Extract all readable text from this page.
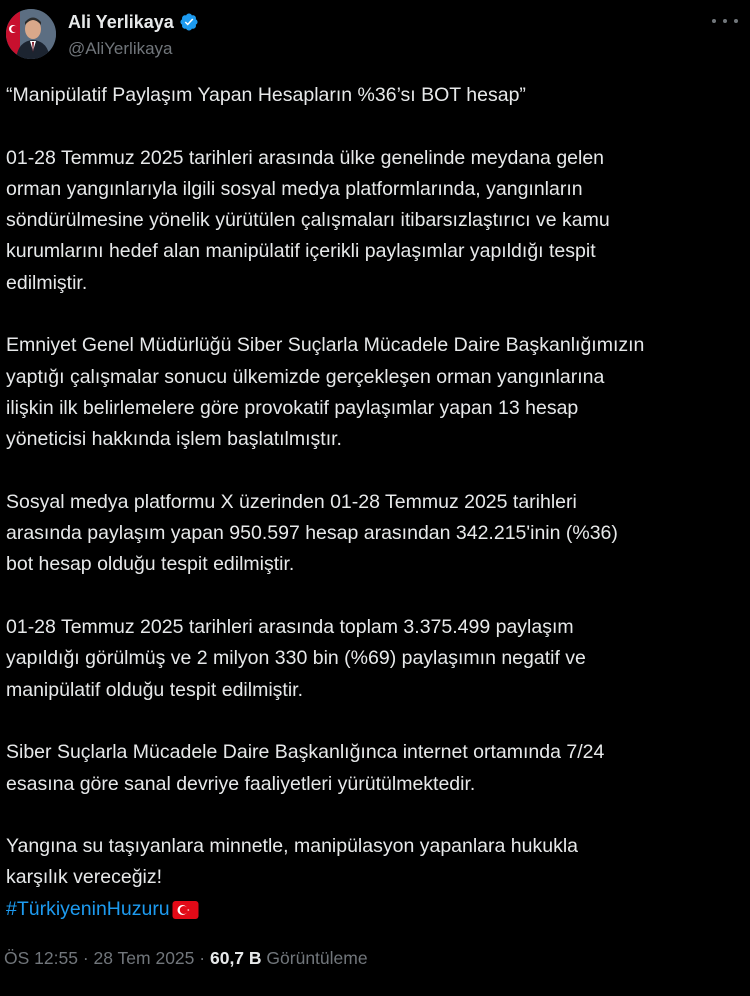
Ali Yerlikaya
@AliYerlikaya

“Manipülatif Paylaşım Yapan Hesapların %36’sı BOT hesap”

01-28 Temmuz 2025 tarihleri arasında ülke genelinde meydana gelen
orman yangınlarıyla ilgili sosyal medya platformlarında, yangınların
söndürülmesine yönelik yürütülen çalışmaları itibarsızlaştırıcı ve kamu
kurumlarını hedef alan manipülatif içerikli paylaşımlar yapıldığı tespit
edilmiştir.

Emniyet Genel Müdürlüğü Siber Suçlarla Mücadele Daire Başkanlığımızın
yaptığı çalışmalar sonucu ülkemizde gerçekleşen orman yangınlarına
ilişkin ilk belirlemelere göre provokatif paylaşımlar yapan 13 hesap
yöneticisi hakkında işlem başlatılmıştır.

Sosyal medya platformu X üzerinden 01-28 Temmuz 2025 tarihleri
arasında paylaşım yapan 950.597 hesap arasından 342.215'inin (%36)
bot hesap olduğu tespit edilmiştir.

01-28 Temmuz 2025 tarihleri arasında toplam 3.375.499 paylaşım
yapıldığı görülmüş ve 2 milyon 330 bin (%69) paylaşımın negatif ve
manipülatif olduğu tespit edilmiştir.

Siber Suçlarla Mücadele Daire Başkanlığınca internet ortamında 7/24
esasına göre sanal devriye faaliyetleri yürütülmektedir.

Yangına su taşıyanlara minnetle, manipülasyon yapanlara hukukla
karşılık vereceğiz!

#TürkiyeninHuzuru
ÖS 12:55 · 28 Tem 2025 · 60,7 B Görüntüleme
